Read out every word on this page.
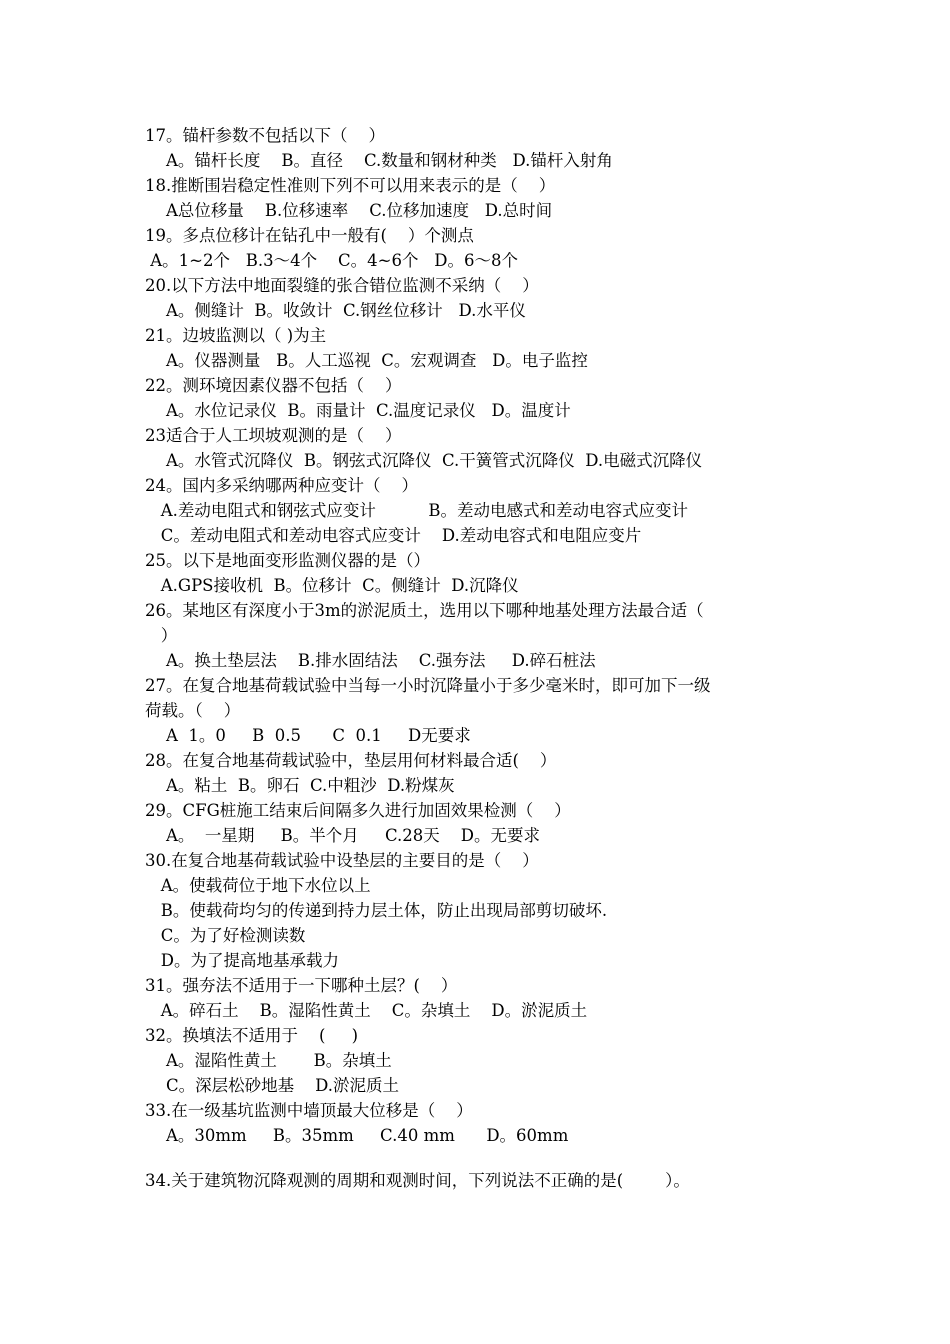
17。锚杆参数不包括以下（    ）
A。锚杆长度    B。直径    C.数量和钢材种类   D.锚杆入射角
18.推断围岩稳定性准则下列不可以用来表示的是（    ）
A总位移量    B.位移速率    C.位移加速度   D.总时间
19。多点位移计在钻孔中一般有(    ）个测点
A。1~2个   B.3～4个    C。4~6个   D。6～8个
20.以下方法中地面裂缝的张合错位监测不采纳（    ）
A。侧缝计  B。收敛计  C.钢丝位移计   D.水平仪
21。边坡监测以（ )为主
A。仪器测量   B。人工巡视  C。宏观调查   D。电子监控
22。测环境因素仪器不包括（    ）
A。水位记录仪  B。雨量计  C.温度记录仪   D。温度计
23适合于人工坝坡观测的是（    ）
A。水管式沉降仪  B。钢弦式沉降仪  C.干簧管式沉降仪  D.电磁式沉降仪
24。国内多采纳哪两种应变计（    ）
A.差动电阻式和钢弦式应变计          B。差动电感式和差动电容式应变计
C。差动电阻式和差动电容式应变计    D.差动电容式和电阻应变片
25。以下是地面变形监测仪器的是（）
A.GPS接收机  B。位移计  C。侧缝计  D.沉降仪
26。某地区有深度小于3m的淤泥质土，选用以下哪种地基处理方法最合适（
）
A。换土垫层法    B.排水固结法    C.强夯法     D.碎石桩法
27。在复合地基荷载试验中当每一小时沉降量小于多少毫米时，即可加下一级
荷载。（    ）
A  1。0     B  0.5      C  0.1     D无要求
28。在复合地基荷载试验中，垫层用何材料最合适(    ）
A。粘土  B。卵石  C.中粗沙  D.粉煤灰
29。CFG桩施工结束后间隔多久进行加固效果检测（    ）
A。  一星期     B。半个月     C.28天    D。无要求
30.在复合地基荷载试验中设垫层的主要目的是（    ）
A。使载荷位于地下水位以上
B。使载荷均匀的传递到持力层土体，防止出现局部剪切破坏.
C。为了好检测读数
D。为了提高地基承载力
31。强夯法不适用于一下哪种土层？(    ）
A。碎石土    B。湿陷性黄土    C。杂填土    D。淤泥质土
32。换填法不适用于    (     )
A。湿陷性黄土       B。杂填土
C。深层松砂地基    D.淤泥质土
33.在一级基坑监测中墙顶最大位移是（    ）
A。30mm     B。35mm     C.40 mm      D。60mm
34.关于建筑物沉降观测的周期和观测时间，下列说法不正确的是(        ）。
